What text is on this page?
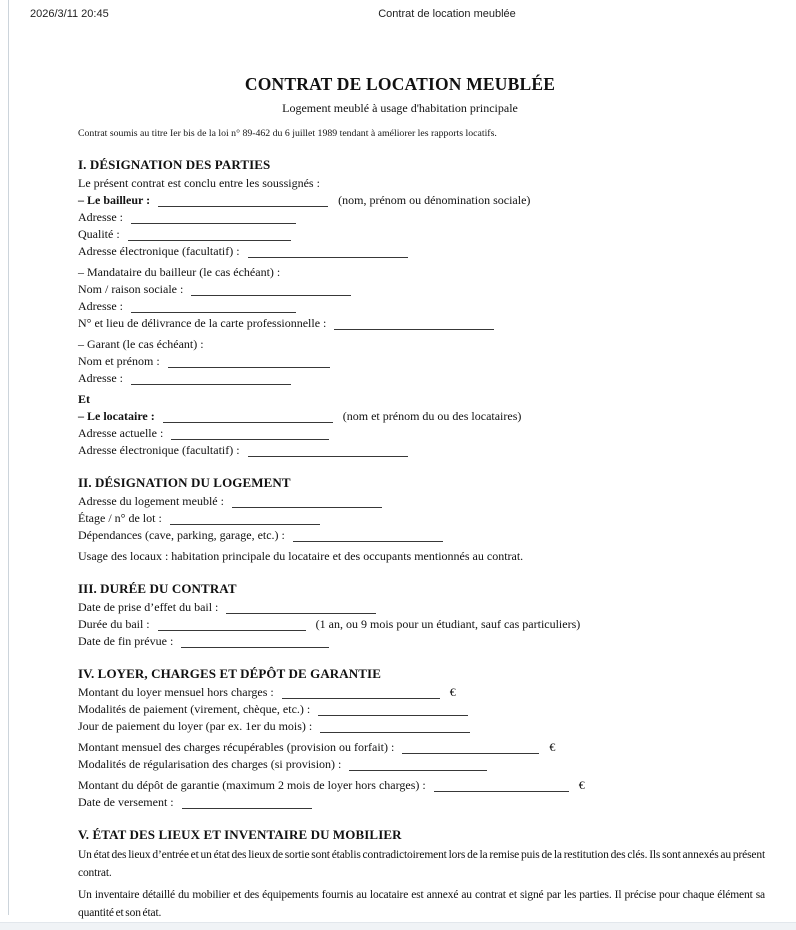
2026/3/11 20:45	Contrat de location meublée
CONTRAT DE LOCATION MEUBLÉE
Logement meublé à usage d'habitation principale
Contrat soumis au titre Ier bis de la loi n° 89-462 du 6 juillet 1989 tendant à améliorer les rapports locatifs.
I. DÉSIGNATION DES PARTIES
Le présent contrat est conclu entre les soussignés :
– Le bailleur :	(nom, prénom ou dénomination sociale)
Adresse :
Qualité :
Adresse électronique (facultatif) :
– Mandataire du bailleur (le cas échéant) :
Nom / raison sociale :
Adresse :
N° et lieu de délivrance de la carte professionnelle :
– Garant (le cas échéant) :
Nom et prénom :
Adresse :
Et
– Le locataire :	(nom et prénom du ou des locataires)
Adresse actuelle :
Adresse électronique (facultatif) :
II. DÉSIGNATION DU LOGEMENT
Adresse du logement meublé :
Étage / n° de lot :
Dépendances (cave, parking, garage, etc.) :
Usage des locaux : habitation principale du locataire et des occupants mentionnés au contrat.
III. DURÉE DU CONTRAT
Date de prise d’effet du bail :
Durée du bail :	(1 an, ou 9 mois pour un étudiant, sauf cas particuliers)
Date de fin prévue :
IV. LOYER, CHARGES ET DÉPÔT DE GARANTIE
Montant du loyer mensuel hors charges :	€
Modalités de paiement (virement, chèque, etc.) :
Jour de paiement du loyer (par ex. 1er du mois) :
Montant mensuel des charges récupérables (provision ou forfait) :	€
Modalités de régularisation des charges (si provision) :
Montant du dépôt de garantie (maximum 2 mois de loyer hors charges) :	€
Date de versement :
V. ÉTAT DES LIEUX ET INVENTAIRE DU MOBILIER

Un état des lieux d’entrée et un état des lieux de sortie sont établis contradictoirement lors de la remise puis de la restitution des clés. Ils sont annexés au présent contrat.

Un inventaire détaillé du mobilier et des équipements fournis au locataire est annexé au contrat et signé par les parties. Il précise pour chaque élément sa quantité et son état.
